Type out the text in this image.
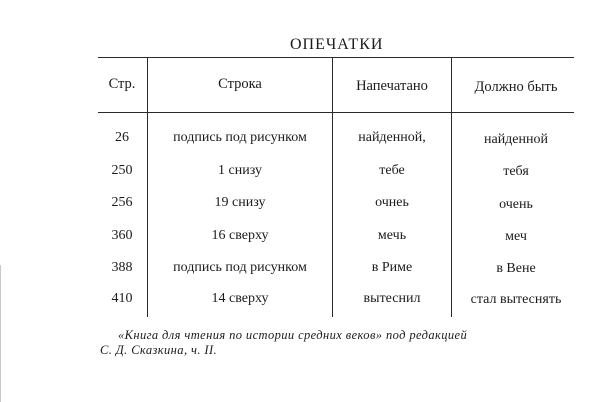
ОПЕЧАТКИ
Стр.	Строка	Напечатано	Должно быть
26	подпись под рисунком	найденной,	найденной
250	1 снизу	тебе	тебя
256	19 снизу	очнеь	очень
360	16 сверху	мечь	меч
388	подпись под рисунком	в Риме	в Вене
410	14 сверху	вытеснил	стал вытеснять
«Книга для чтения по истории средних веков» под редакцией
С. Д. Сказкина, ч. II.
